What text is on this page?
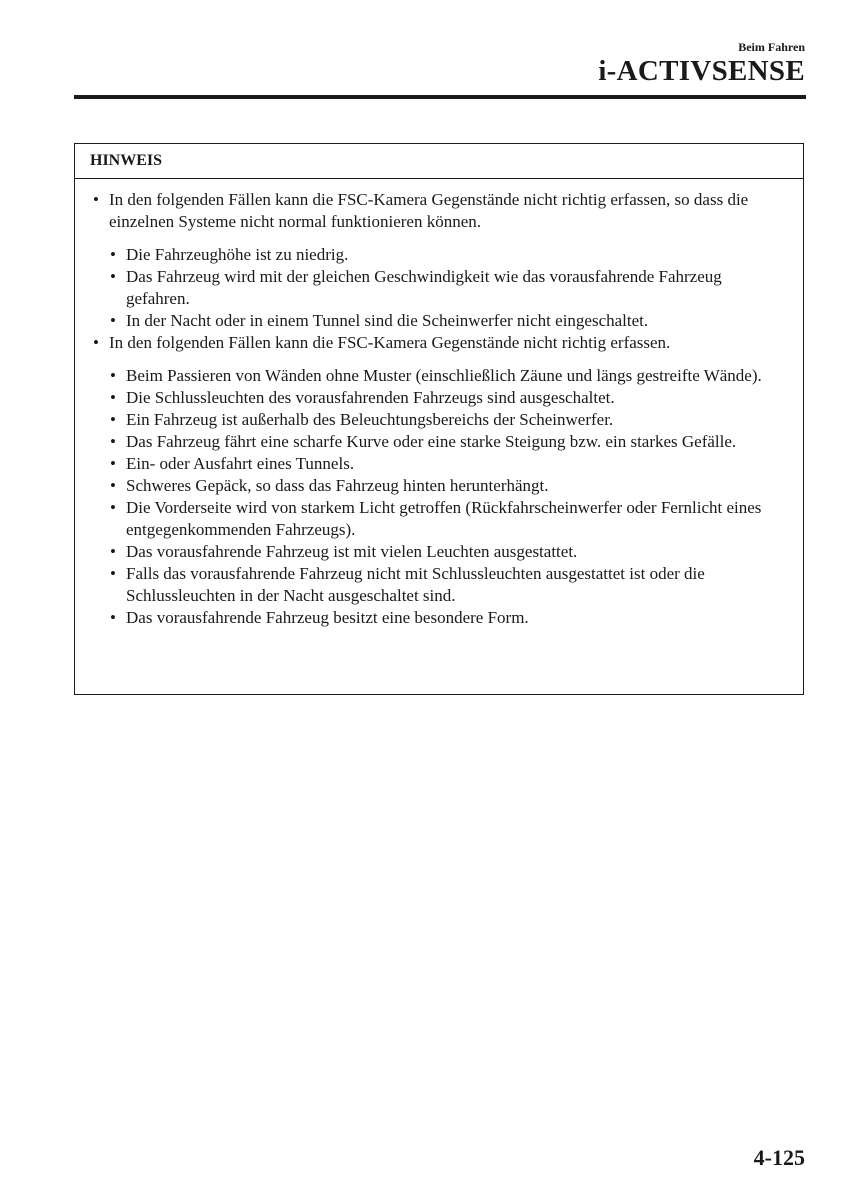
Beim Fahren
i-ACTIVSENSE
HINWEIS
• In den folgenden Fällen kann die FSC-Kamera Gegenstände nicht richtig erfassen, so dass die einzelnen Systeme nicht normal funktionieren können.
• Die Fahrzeughöhe ist zu niedrig.
• Das Fahrzeug wird mit der gleichen Geschwindigkeit wie das vorausfahrende Fahrzeug gefahren.
• In der Nacht oder in einem Tunnel sind die Scheinwerfer nicht eingeschaltet.
• In den folgenden Fällen kann die FSC-Kamera Gegenstände nicht richtig erfassen.
• Beim Passieren von Wänden ohne Muster (einschließlich Zäune und längs gestreifte Wände).
• Die Schlussleuchten des vorausfahrenden Fahrzeugs sind ausgeschaltet.
• Ein Fahrzeug ist außerhalb des Beleuchtungsbereichs der Scheinwerfer.
• Das Fahrzeug fährt eine scharfe Kurve oder eine starke Steigung bzw. ein starkes Gefälle.
• Ein- oder Ausfahrt eines Tunnels.
• Schweres Gepäck, so dass das Fahrzeug hinten herunterhängt.
• Die Vorderseite wird von starkem Licht getroffen (Rückfahrscheinwerfer oder Fernlicht eines entgegenkommenden Fahrzeugs).
• Das vorausfahrende Fahrzeug ist mit vielen Leuchten ausgestattet.
• Falls das vorausfahrende Fahrzeug nicht mit Schlussleuchten ausgestattet ist oder die Schlussleuchten in der Nacht ausgeschaltet sind.
• Das vorausfahrende Fahrzeug besitzt eine besondere Form.
4-125
